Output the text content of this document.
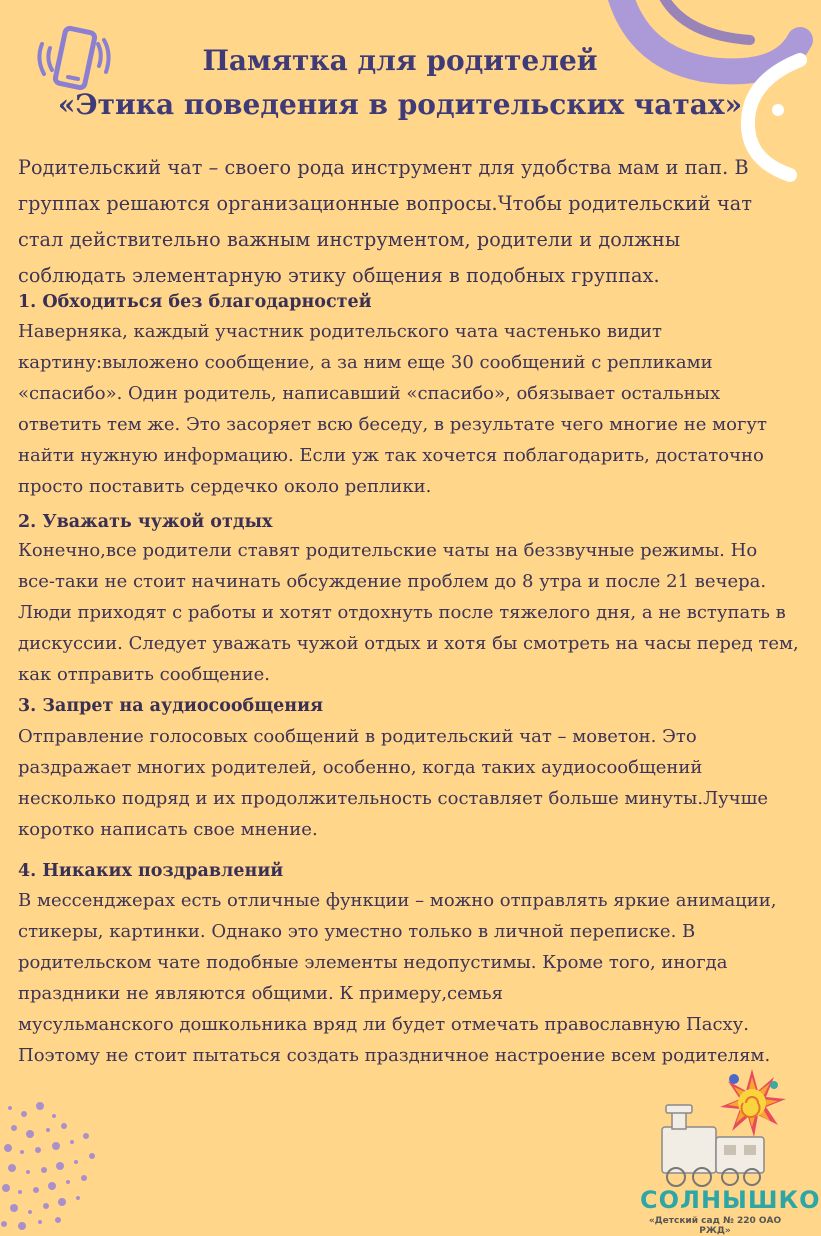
Памятка для родителей
«Этика поведения в родительских чатах»

Родительский чат – своего рода инструмент для удобства мам и пап. В
группах решаются организационные вопросы.Чтобы родительский чат
стал действительно важным инструментом, родители и должны
соблюдать элементарную этику общения в подобных группах.

1. Обходиться без благодарностей

Наверняка, каждый участник родительского чата частенько видит
картину:выложено сообщение, а за ним еще 30 сообщений с репликами
«спасибо». Один родитель, написавший «спасибо», обязывает остальных
ответить тем же. Это засоряет всю беседу, в результате чего многие не могут
найти нужную информацию. Если уж так хочется поблагодарить, достаточно
просто поставить сердечко около реплики.

2. Уважать чужой отдых

Конечно,все родители ставят родительские чаты на беззвучные режимы. Но
все-таки не стоит начинать обсуждение проблем до 8 утра и после 21 вечера.
Люди приходят с работы и хотят отдохнуть после тяжелого дня, а не вступать в
дискуссии. Следует уважать чужой отдых и хотя бы смотреть на часы перед тем,
как отправить сообщение.

3. Запрет на аудиосообщения

Отправление голосовых сообщений в родительский чат – моветон. Это
раздражает многих родителей, особенно, когда таких аудиосообщений
несколько подряд и их продолжительность составляет больше минуты.Лучше
коротко написать свое мнение.

4. Никаких поздравлений

В мессенджерах есть отличные функции – можно отправлять яркие анимации,
стикеры, картинки. Однако это уместно только в личной переписке. В
родительском чате подобные элементы недопустимы. Кроме того, иногда
праздники не являются общими. К примеру,семья
мусульманского дошкольника вряд ли будет отмечать православную Пасху.
Поэтому не стоит пытаться создать праздничное настроение всем родителям.

СОЛНЫШКО
«Детский сад № 220 ОАО РЖД»
